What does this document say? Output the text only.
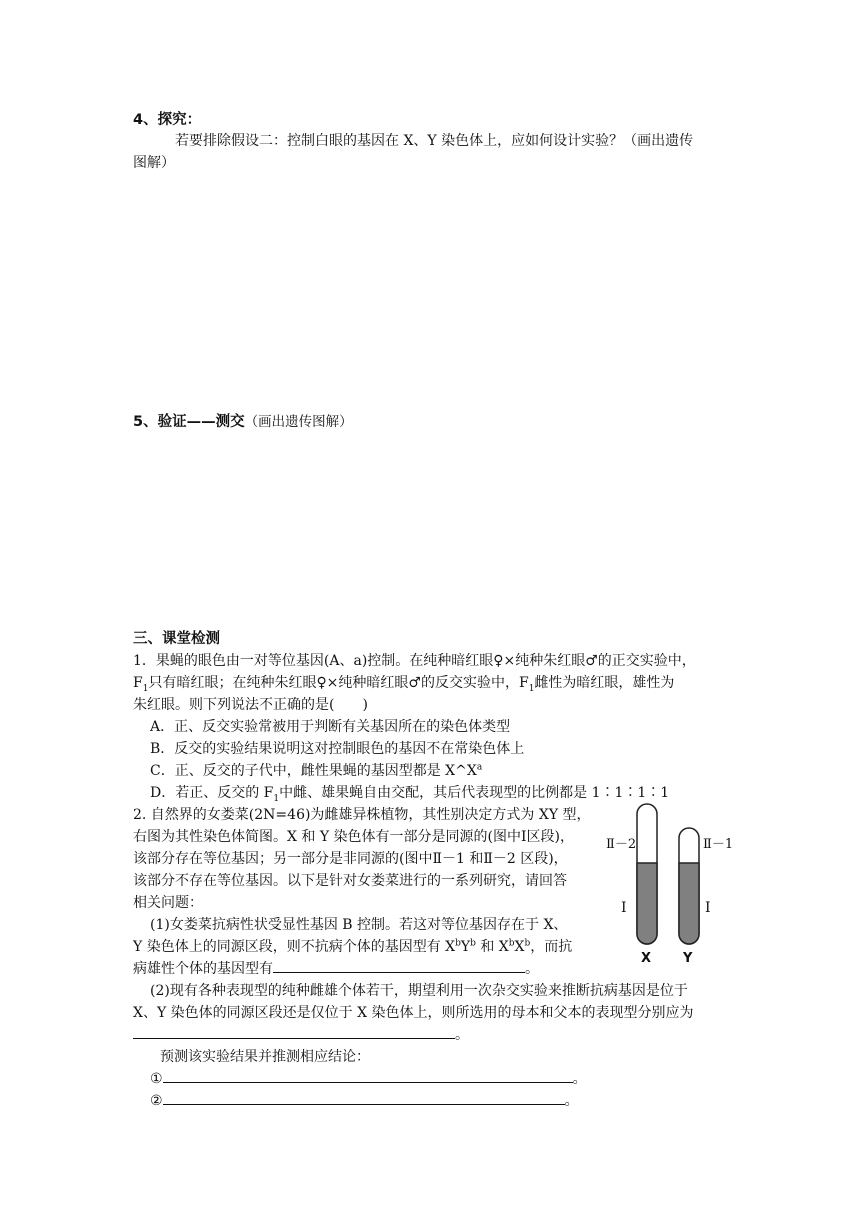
4、探究：
若要排除假设二：控制白眼的基因在 X、Y 染色体上，应如何设计实验？（画出遗传
图解）
5、验证——测交（画出遗传图解）
三、课堂检测
1．果蝇的眼色由一对等位基因(A、a)控制。在纯种暗红眼♀×纯种朱红眼♂的正交实验中，
$F_1$只有暗红眼；在纯种朱红眼♀×纯种暗红眼♂的反交实验中，$F_1$雌性为暗红眼，雄性为
朱红眼。则下列说法不正确的是(　　)
A．正、反交实验常被用于判断有关基因所在的染色体类型
B．反交的实验结果说明这对控制眼色的基因不在常染色体上
C．正、反交的子代中，雌性果蝇的基因型都是 $X\^{}X^a$
D．若正、反交的 $F_1$中雌、雄果蝇自由交配，其后代表现型的比例都是 1∶1∶1∶1
2. 自然界的女娄菜(2N=46)为雌雄异株植物，其性别决定方式为 XY 型，
右图为其性染色体简图。X 和 Y 染色体有一部分是同源的(图中Ⅰ区段)，
该部分存在等位基因；另一部分是非同源的(图中Ⅱ－1 和Ⅱ－2 区段)，
该部分不存在等位基因。以下是针对女娄菜进行的一系列研究，请回答
相关问题：
(1)女娄菜抗病性状受显性基因 B 控制。若这对等位基因存在于 X、
Y 染色体上的同源区段，则不抗病个体的基因型有 $X^bY^b$ 和 $X^bX^b$，而抗
病雄性个体的基因型有	。
(2)现有各种表现型的纯种雌雄个体若干，期望利用一次杂交实验来推断抗病基因是位于
X、Y 染色体的同源区段还是仅位于 X 染色体上，则所选用的母本和父本的表现型分别应为
。
预测该实验结果并推测相应结论：
①	。
②	。
Ⅱ－2	Ⅱ－1
Ⅰ	Ⅰ
X Y
